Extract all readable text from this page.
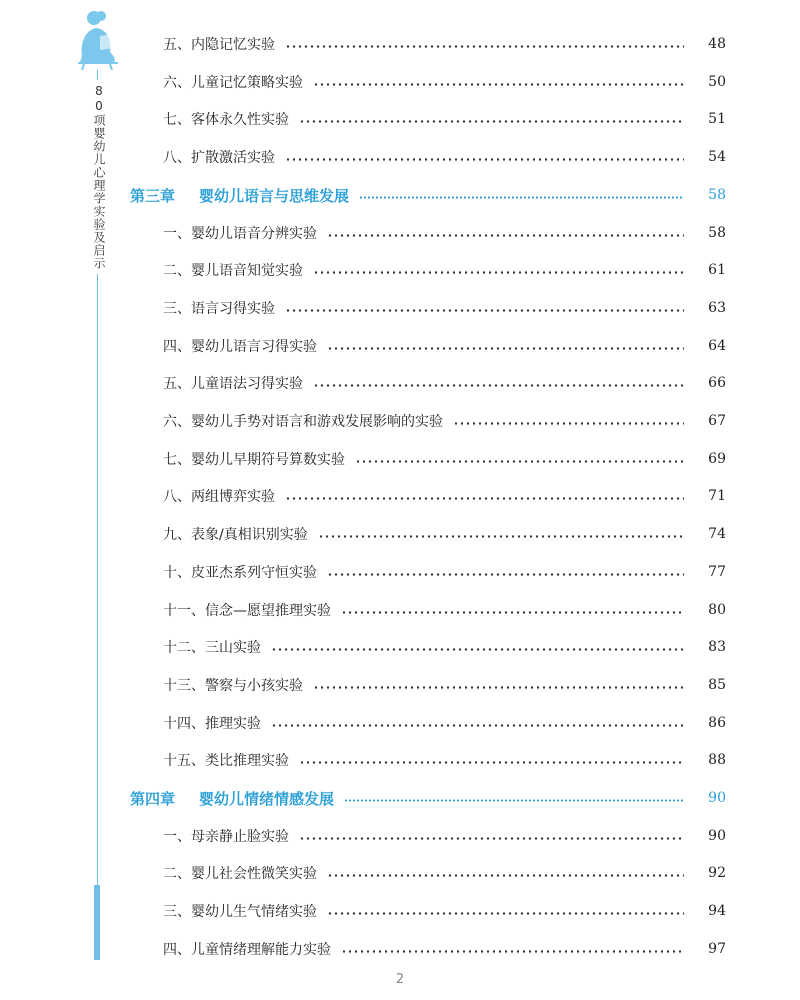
80项婴幼儿心理学实验及启示
五、内隐记忆实验	48
六、儿童记忆策略实验	50
七、客体永久性实验	51
八、扩散激活实验	54
第三章 婴幼儿语言与思维发展	58
一、婴幼儿语音分辨实验	58
二、婴儿语音知觉实验	61
三、语言习得实验	63
四、婴幼儿语言习得实验	64
五、儿童语法习得实验	66
六、婴幼儿手势对语言和游戏发展影响的实验	67
七、婴幼儿早期符号算数实验	69
八、两组博弈实验	71
九、表象/真相识别实验	74
十、皮亚杰系列守恒实验	77
十一、信念—愿望推理实验	80
十二、三山实验	83
十三、警察与小孩实验	85
十四、推理实验	86
十五、类比推理实验	88
第四章 婴幼儿情绪情感发展	90
一、母亲静止脸实验	90
二、婴儿社会性微笑实验	92
三、婴幼儿生气情绪实验	94
四、儿童情绪理解能力实验	97
2
